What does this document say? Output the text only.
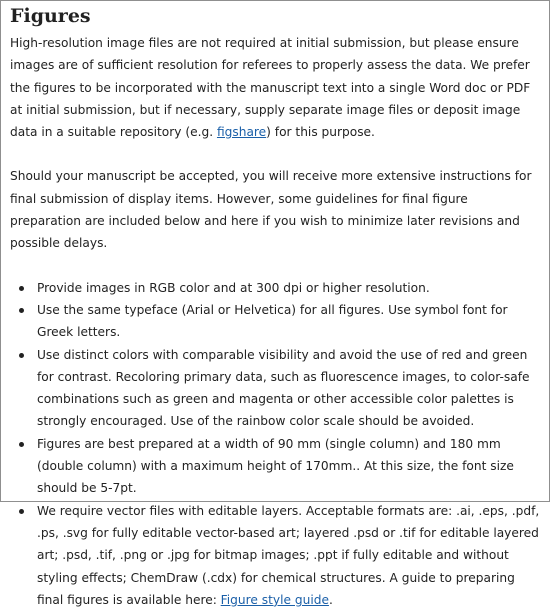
Figures

High-resolution image files are not required at initial submission, but please ensure images are of sufficient resolution for referees to properly assess the data. We prefer the figures to be incorporated with the manuscript text into a single Word doc or PDF at initial submission, but if necessary, supply separate image files or deposit image data in a suitable repository (e.g. figshare) for this purpose.

Should your manuscript be accepted, you will receive more extensive instructions for final submission of display items. However, some guidelines for final figure preparation are included below and here if you wish to minimize later revisions and possible delays.

Provide images in RGB color and at 300 dpi or higher resolution.
Use the same typeface (Arial or Helvetica) for all figures. Use symbol font for Greek letters.
Use distinct colors with comparable visibility and avoid the use of red and green for contrast. Recoloring primary data, such as fluorescence images, to color-safe combinations such as green and magenta or other accessible color palettes is strongly encouraged. Use of the rainbow color scale should be avoided.
Figures are best prepared at a width of 90 mm (single column) and 180 mm (double column) with a maximum height of 170mm.. At this size, the font size should be 5-7pt.
We require vector files with editable layers. Acceptable formats are: .ai, .eps, .pdf, .ps, .svg for fully editable vector-based art; layered .psd or .tif for editable layered art; .psd, .tif, .png or .jpg for bitmap images; .ppt if fully editable and without styling effects; ChemDraw (.cdx) for chemical structures. A guide to preparing final figures is available here: Figure style guide.
